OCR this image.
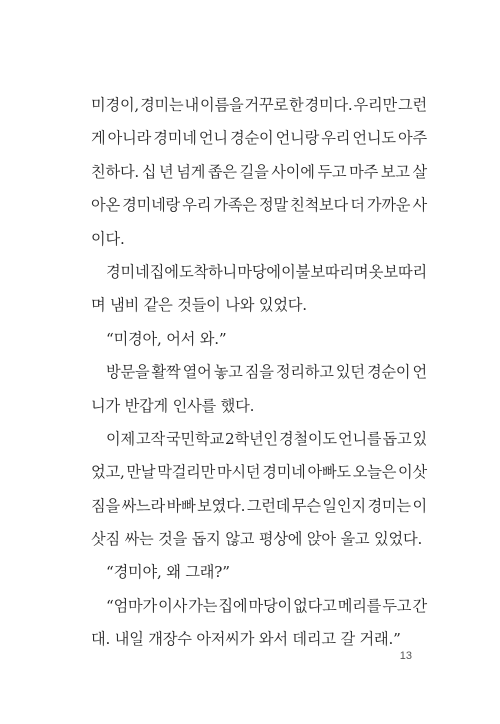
미경이, 경미는 내 이름을 거꾸로 한 경미다. 우리만 그런
게 아니라 경미네 언니 경순이 언니랑 우리 언니도 아주
친하다. 십 년 넘게 좁은 길을 사이에 두고 마주 보고 살
아온 경미네랑 우리 가족은 정말 친척보다 더 가까운 사
이다.
경미네 집에 도착하니 마당에 이불 보따리며 옷 보따리
며 냄비 같은 것들이 나와 있었다.
“미경아, 어서 와.”
방문을 활짝 열어 놓고 짐을 정리하고 있던 경순이 언
니가 반갑게 인사를 했다.
이제 고작 국민학교 2학년인 경철이도 언니를 돕고 있
었고, 만날 막걸리만 마시던 경미네 아빠도 오늘은 이삿
짐을 싸느라 바빠 보였다. 그런데 무슨 일인지 경미는 이
삿짐 싸는 것을 돕지 않고 평상에 앉아 울고 있었다.
“경미야, 왜 그래?”
“엄마가 이사 가는 집에 마당이 없다고 메리를 두고 간
대. 내일 개장수 아저씨가 와서 데리고 갈 거래.”
13
